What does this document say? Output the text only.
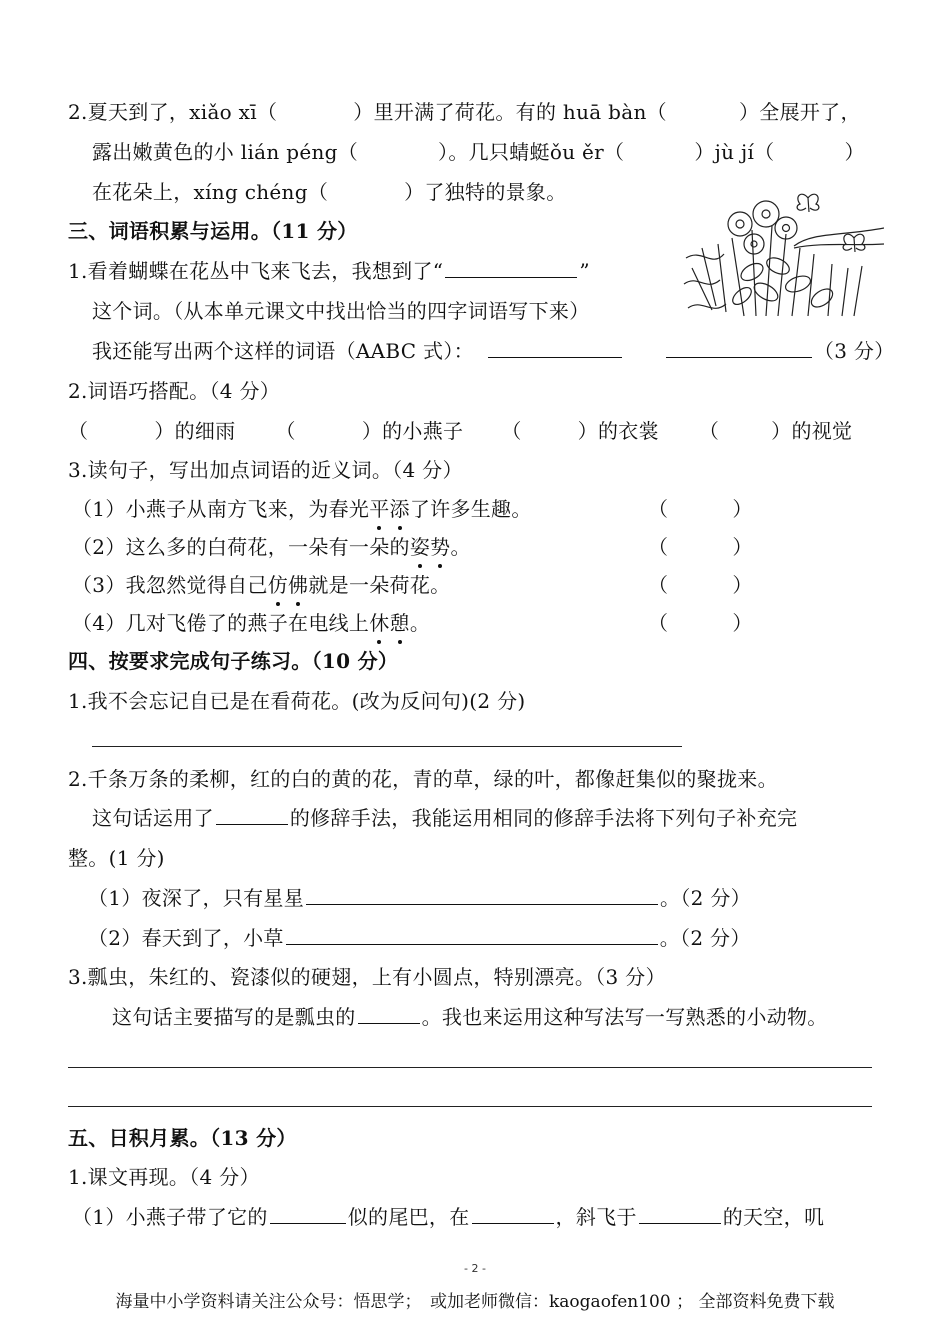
2.夏天到了，xiǎo xī（	）里开满了荷花。有的 huā bàn（	）全展开了，
露出嫩黄色的小 lián péng（	）。几只蜻蜓ǒu ěr（	）jù jí（	）
在花朵上，xíng chéng（	）了独特的景象。
三、词语积累与运用。（11 分）
1.看着蝴蝶在花丛中飞来飞去，我想到了“	”
这个词。（从本单元课文中找出恰当的四字词语写下来）
我还能写出两个这样的词语（AABC 式）：	（3 分）
2.词语巧搭配。（4 分）
（	）的细雨 （	）的小燕子 （	）的衣裳 （	）的视觉
3.读句子，写出加点词语的近义词。（4 分）
（1）小燕子从南方飞来，为春光平添了许多生趣。	（	）
（2）这么多的白荷花，一朵有一朵的姿势。	（	）
（3）我忽然觉得自己仿佛就是一朵荷花。	（	）
（4）几对飞倦了的燕子在电线上休憩。	（	）
四、按要求完成句子练习。（10 分）
1.我不会忘记自已是在看荷花。(改为反问句)(2 分)
2.千条万条的柔柳，红的白的黄的花，青的草，绿的叶，都像赶集似的聚拢来。
这句话运用了	的修辞手法，我能运用相同的修辞手法将下列句子补充完
整。(1 分)
（1）夜深了，只有星星	。（2 分）
（2）春天到了，小草	。（2 分）
3.瓢虫，朱红的、瓷漆似的硬翅，上有小圆点，特别漂亮。（3 分）
这句话主要描写的是瓢虫的	。我也来运用这种写法写一写熟悉的小动物。
五、日积月累。（13 分）
1.课文再现。（4 分）
（1）小燕子带了它的	似的尾巴，在	，斜飞于	的天空，叽
- 2 -
海量中小学资料请关注公众号：悟思学；　或加老师微信：kaogaofen100 ； 全部资料免费下载
